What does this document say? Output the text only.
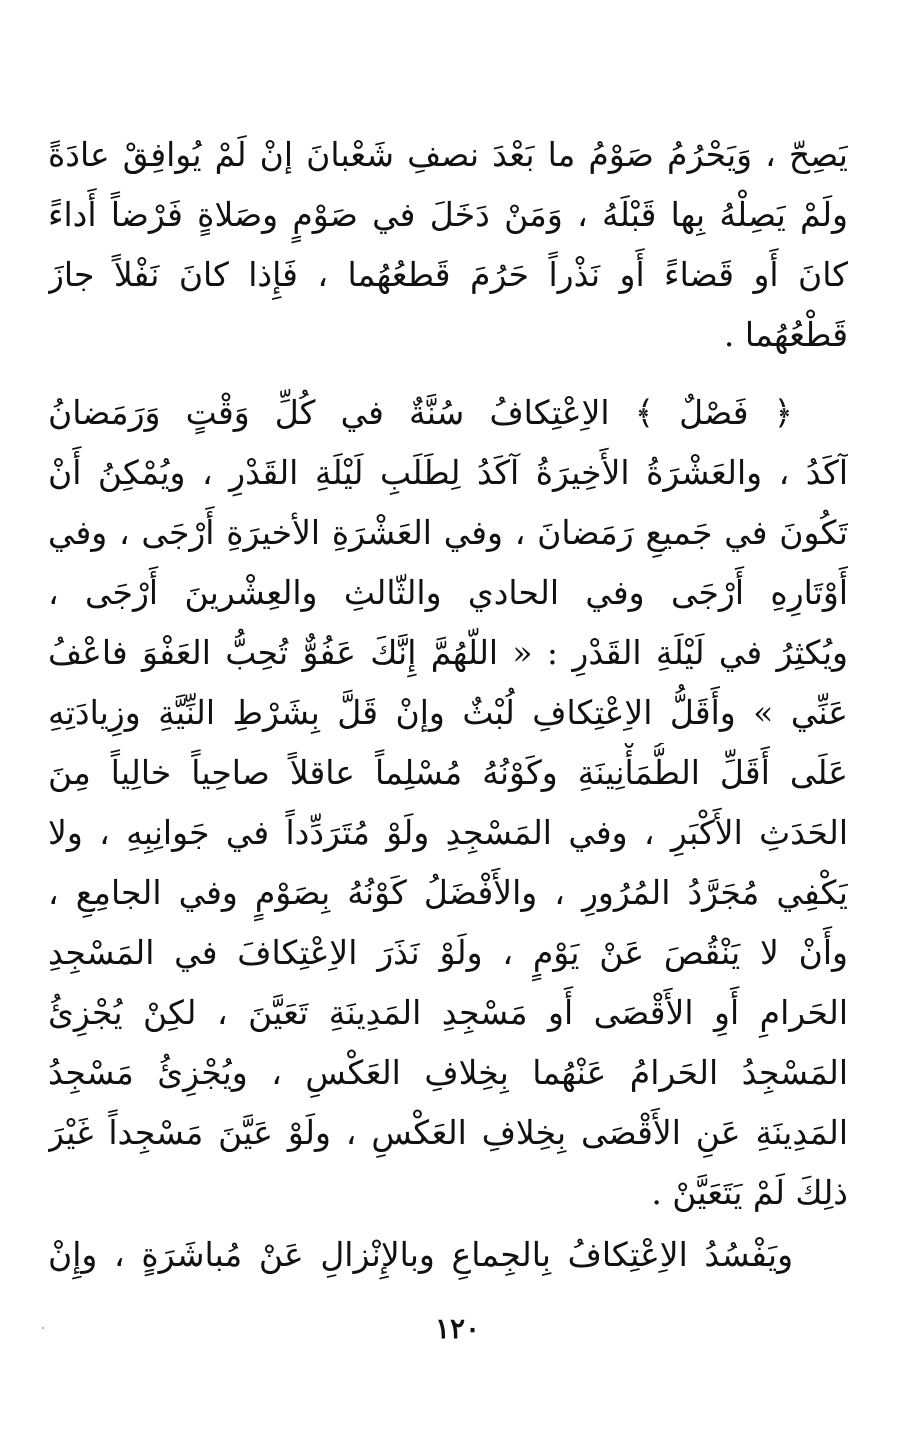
يَصِحّ ، وَيَحْرُمُ صَوْمُ ما بَعْدَ نصفِ شَعْبانَ إنْ لَمْ يُوافِقْ عادَةً
ولَمْ يَصِلْهُ بِها قَبْلَهُ ، وَمَنْ دَخَلَ في صَوْمٍ وصَلاةٍ فَرْضاً أَداءً
كانَ أَو قَضاءً أَو نَذْراً حَرُمَ قَطعُهُما ، فَإِذا كانَ نَفْلاً جازَ
قَطْعُهُما .
﴿ فَصْلٌ ﴾ الاِعْتِكافُ سُنَّةٌ في كُلِّ وَقْتٍ وَرَمَضانُ
آكَدُ ، والعَشْرَةُ الأَخِيرَةُ آكَدُ لِطَلَبِ لَيْلَةِ القَدْرِ ، ويُمْكِنُ أَنْ
تَكُونَ في جَميعِ رَمَضانَ ، وفي العَشْرَةِ الأخيرَةِ أَرْجَى ، وفي
أَوْتَارِهِ أَرْجَى وفي الحادي والثّالثِ والعِشْرينَ أَرْجَى ،
ويُكثِرُ في لَيْلَةِ القَدْرِ : « اللّهُمَّ إِنَّكَ عَفُوٌّ تُحِبُّ العَفْوَ فاعْفُ
عَنِّي » وأَقَلُّ الاِعْتِكافِ لُبْثٌ وإنْ قَلَّ بِشَرْطِ النِّيَّةِ وزِيادَتِهِ
عَلَى أَقَلِّ الطُّمَأْنِينَةِ وكَوْنُهُ مُسْلِماً عاقلاً صاحِياً خالِياً مِنَ
الحَدَثِ الأَكْبَرِ ، وفي المَسْجِدِ ولَوْ مُتَرَدِّداً في جَوانِبِهِ ، ولا
يَكْفِي مُجَرَّدُ المُرُورِ ، والأَفْضَلُ كَوْنُهُ بِصَوْمٍ وفي الجامِعِ ،
وأَنْ لا يَنْقُصَ عَنْ يَوْمٍ ، ولَوْ نَذَرَ الاِعْتِكافَ في المَسْجِدِ
الحَرامِ أَوِ الأَقْصَى أَو مَسْجِدِ المَدِينَةِ تَعَيَّنَ ، لكِنْ يُجْزِئُ
المَسْجِدُ الحَرامُ عَنْهُما بِخِلافِ العَكْسِ ، ويُجْزِئُ مَسْجِدُ
المَدِينَةِ عَنِ الأَقْصَى بِخِلافِ العَكْسِ ، ولَوْ عَيَّنَ مَسْجِداً غَيْرَ
ذلِكَ لَمْ يَتَعَيَّنْ .
ويَفْسُدُ الاِعْتِكافُ بِالجِماعِ وبالإِنْزالِ عَنْ مُباشَرَةٍ ، وإِنْ
١٢٠
